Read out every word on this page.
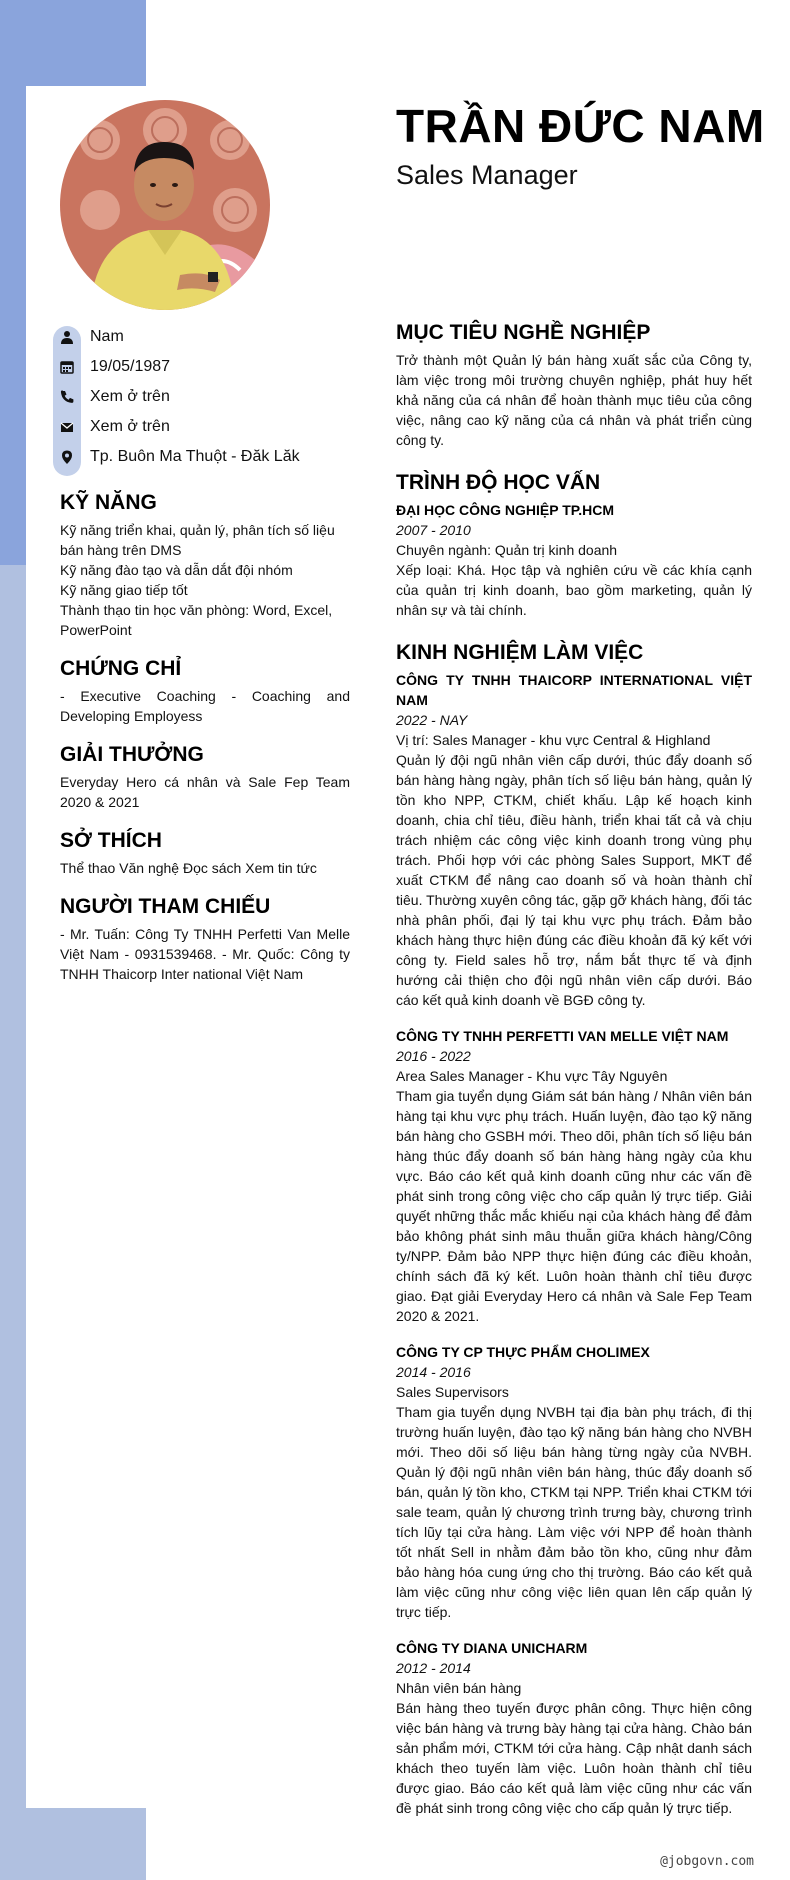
TRẦN ĐỨC NAM
Sales Manager
Nam
19/05/1987
Xem ở trên
Xem ở trên
Tp. Buôn Ma Thuột - Đăk Lăk
KỸ NĂNG
Kỹ năng triển khai, quản lý, phân tích số liệu bán hàng trên DMS
Kỹ năng đào tạo và dẫn dắt đội nhóm
Kỹ năng giao tiếp tốt
Thành thạo tin học văn phòng: Word, Excel, PowerPoint
CHỨNG CHỈ
- Executive Coaching - Coaching and Developing Employess
GIẢI THƯỞNG
Everyday Hero cá nhân và Sale Fep Team 2020 & 2021
SỞ THÍCH
Thể thao Văn nghệ Đọc sách Xem tin tức
NGƯỜI THAM CHIẾU
- Mr. Tuấn: Công Ty TNHH Perfetti Van Melle Việt Nam - 0931539468. - Mr. Quốc: Công ty TNHH Thaicorp Inter national Việt Nam
MỤC TIÊU NGHỀ NGHIỆP
Trở thành một Quản lý bán hàng xuất sắc của Công ty, làm việc trong môi trường chuyên nghiệp, phát huy hết khả năng của cá nhân để hoàn thành mục tiêu của công việc, nâng cao kỹ năng của cá nhân và phát triển cùng công ty.
TRÌNH ĐỘ HỌC VẤN
ĐẠI HỌC CÔNG NGHIỆP TP.HCM
2007 - 2010
Chuyên ngành: Quản trị kinh doanh
Xếp loại: Khá. Học tập và nghiên cứu về các khía cạnh của quản trị kinh doanh, bao gồm marketing, quản lý nhân sự và tài chính.
KINH NGHIỆM LÀM VIỆC
CÔNG TY TNHH THAICORP INTERNATIONAL VIỆT NAM
2022 - NAY
Vị trí: Sales Manager - khu vực Central & Highland
Quản lý đội ngũ nhân viên cấp dưới, thúc đẩy doanh số bán hàng hàng ngày, phân tích số liệu bán hàng, quản lý tồn kho NPP, CTKM, chiết khấu. Lập kế hoạch kinh doanh, chia chỉ tiêu, điều hành, triển khai tất cả và chịu trách nhiệm các công việc kinh doanh trong vùng phụ trách. Phối hợp với các phòng Sales Support, MKT để xuất CTKM để nâng cao doanh số và hoàn thành chỉ tiêu. Thường xuyên công tác, gặp gỡ khách hàng, đối tác nhà phân phối, đại lý tại khu vực phụ trách. Đảm bảo khách hàng thực hiện đúng các điều khoản đã ký kết với công ty. Field sales hỗ trợ, nắm bắt thực tế và định hướng cải thiện cho đội ngũ nhân viên cấp dưới. Báo cáo kết quả kinh doanh về BGĐ công ty.
CÔNG TY TNHH PERFETTI VAN MELLE VIỆT NAM
2016 - 2022
Area Sales Manager - Khu vực Tây Nguyên
Tham gia tuyển dụng Giám sát bán hàng / Nhân viên bán hàng tại khu vực phụ trách. Huấn luyện, đào tạo kỹ năng bán hàng cho GSBH mới. Theo dõi, phân tích số liệu bán hàng thúc đẩy doanh số bán hàng hàng ngày của khu vực. Báo cáo kết quả kinh doanh cũng như các vấn đề phát sinh trong công việc cho cấp quản lý trực tiếp. Giải quyết những thắc mắc khiếu nại của khách hàng để đảm bảo không phát sinh mâu thuẫn giữa khách hàng/Công ty/NPP. Đảm bảo NPP thực hiện đúng các điều khoản, chính sách đã ký kết. Luôn hoàn thành chỉ tiêu được giao. Đạt giải Everyday Hero cá nhân và Sale Fep Team 2020 & 2021.
CÔNG TY CP THỰC PHẨM CHOLIMEX
2014 - 2016
Sales Supervisors
Tham gia tuyển dụng NVBH tại địa bàn phụ trách, đi thị trường huấn luyện, đào tạo kỹ năng bán hàng cho NVBH mới. Theo dõi số liệu bán hàng từng ngày của NVBH. Quản lý đội ngũ nhân viên bán hàng, thúc đẩy doanh số bán, quản lý tồn kho, CTKM tại NPP. Triển khai CTKM tới sale team, quản lý chương trình trưng bày, chương trình tích lũy tại cửa hàng. Làm việc với NPP để hoàn thành tốt nhất Sell in nhằm đảm bảo tồn kho, cũng như đảm bảo hàng hóa cung ứng cho thị trường. Báo cáo kết quả làm việc cũng như công việc liên quan lên cấp quản lý trực tiếp.
CÔNG TY DIANA UNICHARM
2012 - 2014
Nhân viên bán hàng
Bán hàng theo tuyến được phân công. Thực hiện công việc bán hàng và trưng bày hàng tại cửa hàng. Chào bán sản phẩm mới, CTKM tới cửa hàng. Cập nhật danh sách khách theo tuyến làm việc. Luôn hoàn thành chỉ tiêu được giao. Báo cáo kết quả làm việc cũng như các vấn đề phát sinh trong công việc cho cấp quản lý trực tiếp.
@jobgovn.com
